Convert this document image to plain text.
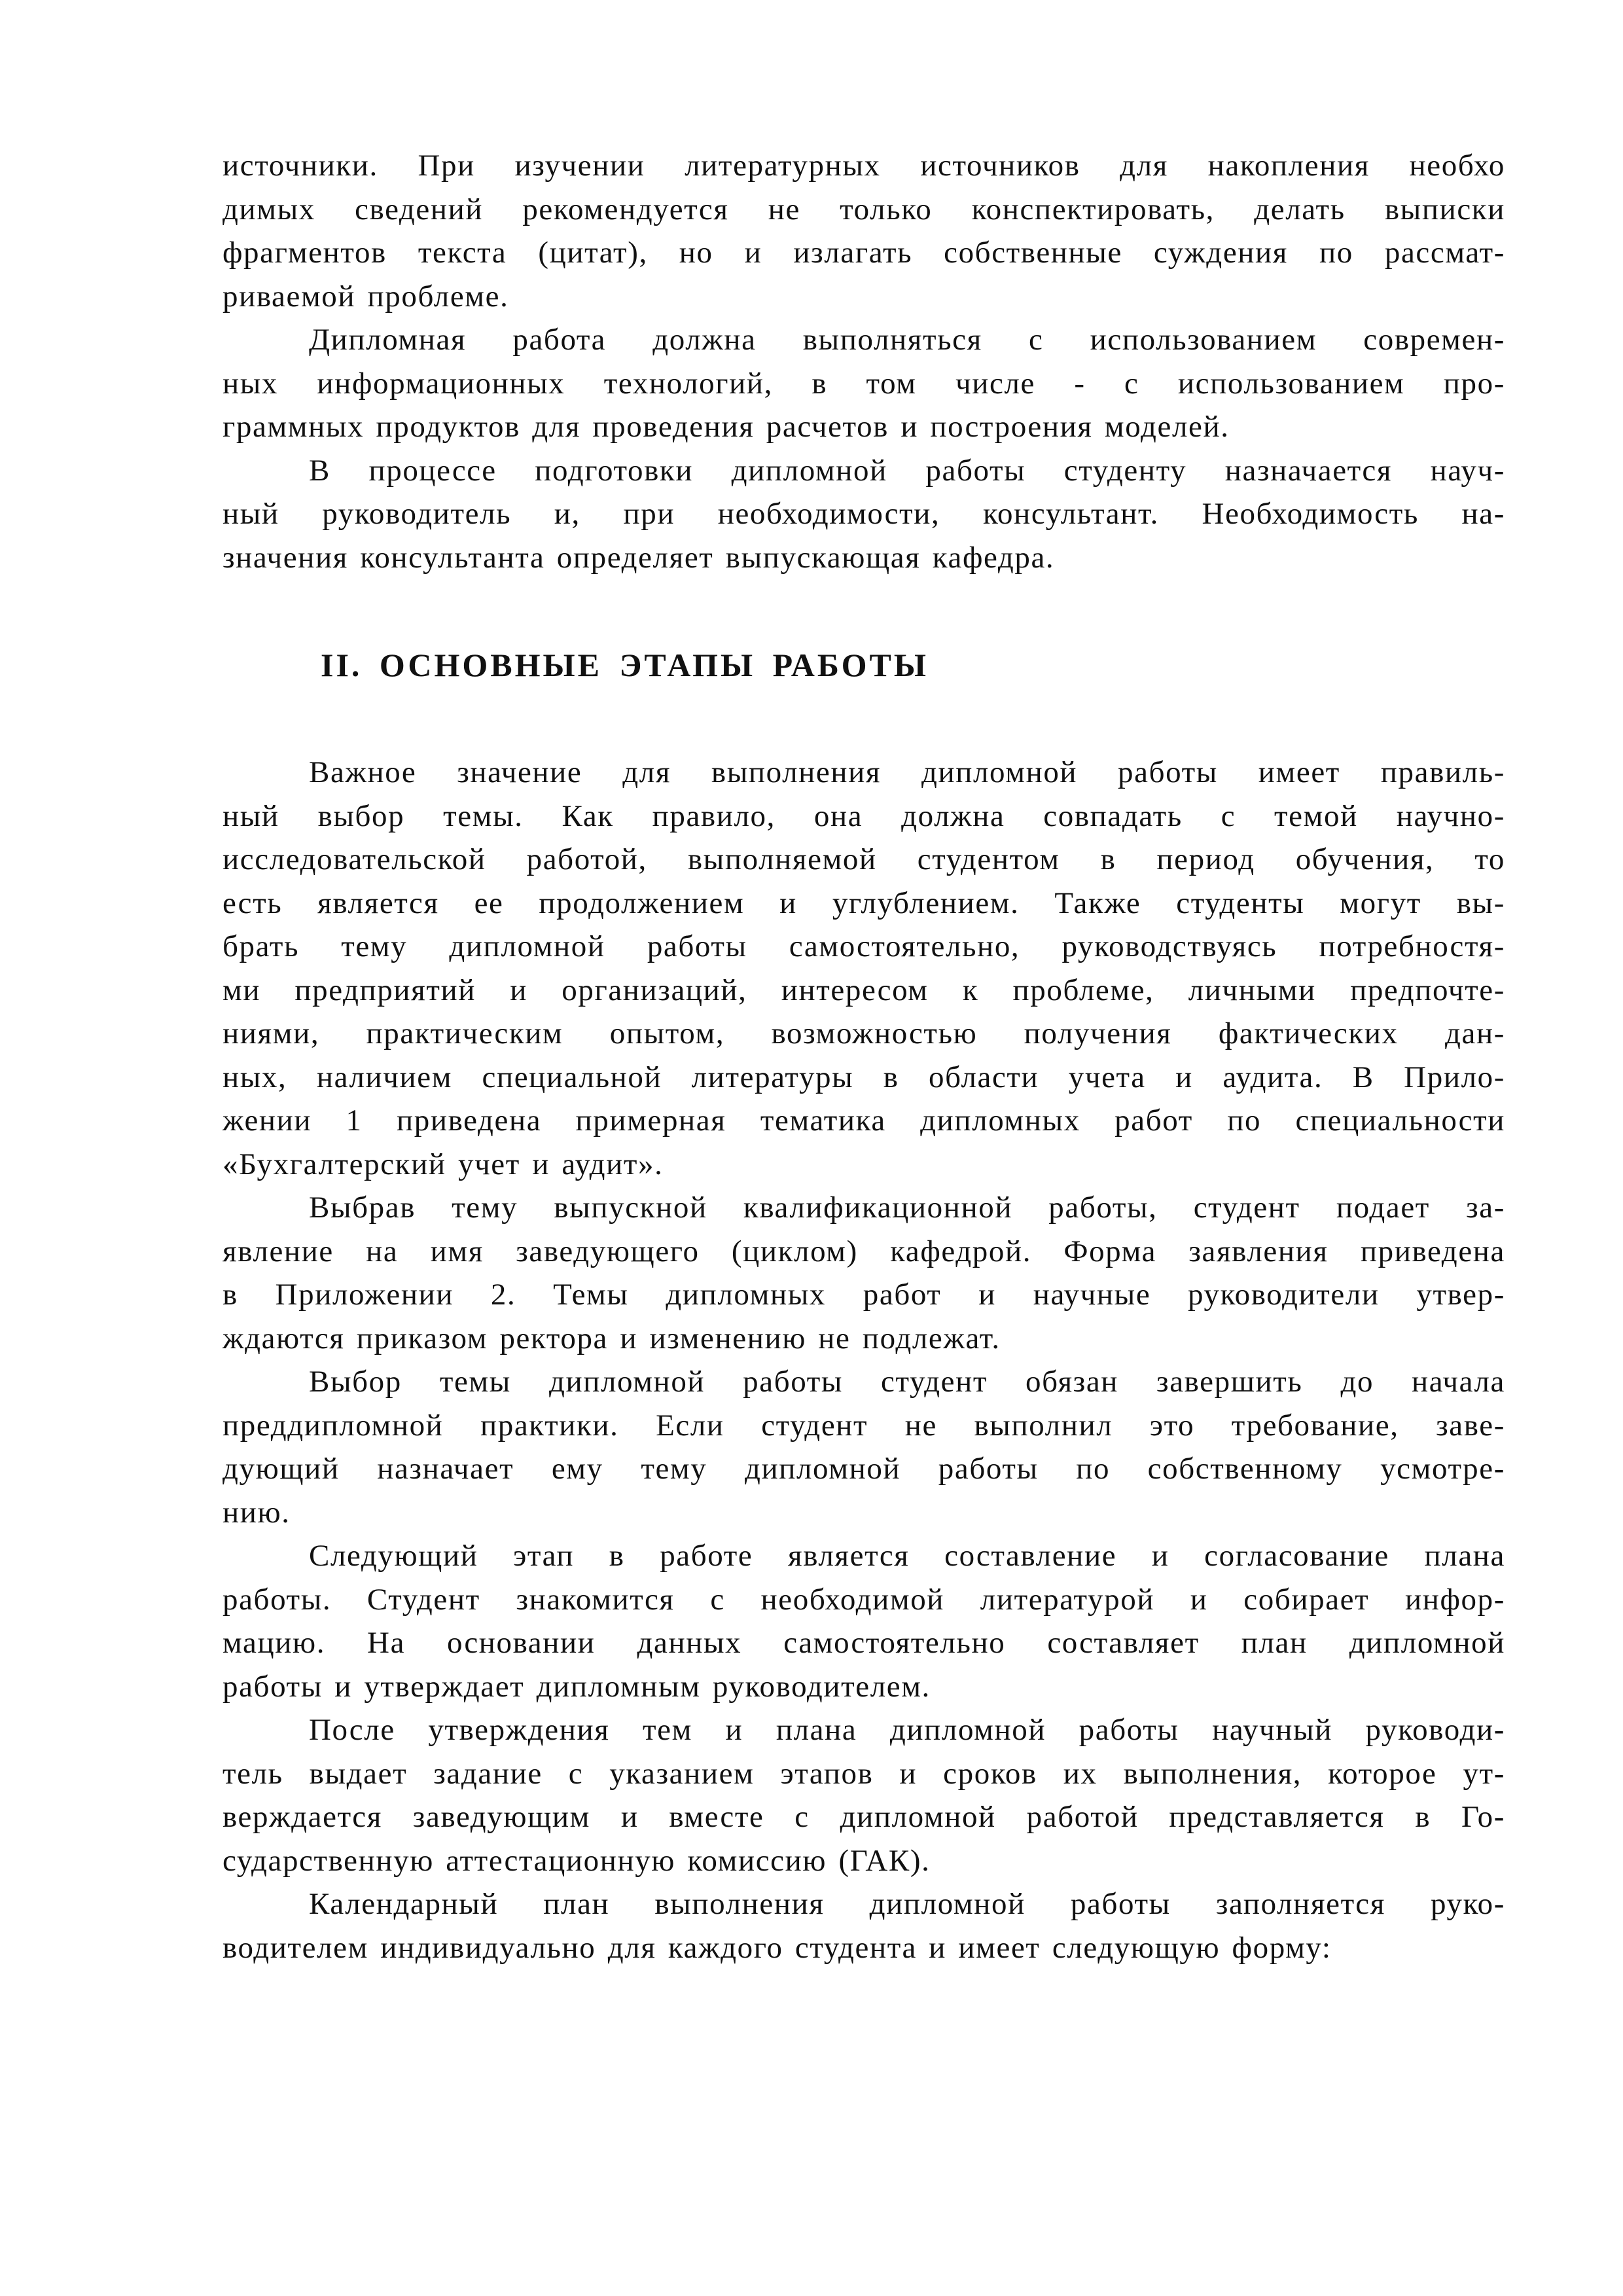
источники. При изучении литературных источников для накопления необхо
димых сведений рекомендуется не только конспектировать, делать выписки
фрагментов текста (цитат), но и излагать собственные суждения по рассмат-
риваемой проблеме.
Дипломная работа должна выполняться с использованием современ-
ных информационных технологий, в том числе - с использованием про-
граммных продуктов для проведения расчетов и построения моделей.
В процессе подготовки дипломной работы студенту назначается науч-
ный руководитель и, при необходимости, консультант. Необходимость на-
значения консультанта определяет выпускающая кафедра.
II. ОСНОВНЫЕ ЭТАПЫ РАБОТЫ
Важное значение для выполнения дипломной работы имеет правиль-
ный выбор темы. Как правило, она должна совпадать с темой научно-
исследовательской работой, выполняемой студентом в период обучения, то
есть является ее продолжением и углублением. Также студенты могут вы-
брать тему дипломной работы самостоятельно, руководствуясь потребностя-
ми предприятий и организаций, интересом к проблеме, личными предпочте-
ниями, практическим опытом, возможностью получения фактических дан-
ных, наличием специальной литературы в области учета и аудита. В Прило-
жении 1 приведена примерная тематика дипломных работ по специальности
«Бухгалтерский учет и аудит».
Выбрав тему выпускной квалификационной работы, студент подает за-
явление на имя заведующего (циклом) кафедрой. Форма заявления приведена
в Приложении 2. Темы дипломных работ и научные руководители утвер-
ждаются приказом ректора и изменению не подлежат.
Выбор темы дипломной работы студент обязан завершить до начала
преддипломной практики. Если студент не выполнил это требование, заве-
дующий назначает ему тему дипломной работы по собственному усмотре-
нию.
Следующий этап в работе является составление и согласование плана
работы. Студент знакомится с необходимой литературой и собирает инфор-
мацию. На основании данных самостоятельно составляет план дипломной
работы и утверждает дипломным руководителем.
После утверждения тем и плана дипломной работы научный руководи-
тель выдает задание с указанием этапов и сроков их выполнения, которое ут-
верждается заведующим и вместе с дипломной работой представляется в Го-
сударственную аттестационную комиссию (ГАК).
Календарный план выполнения дипломной работы заполняется руко-
водителем индивидуально для каждого студента и имеет следующую форму:
